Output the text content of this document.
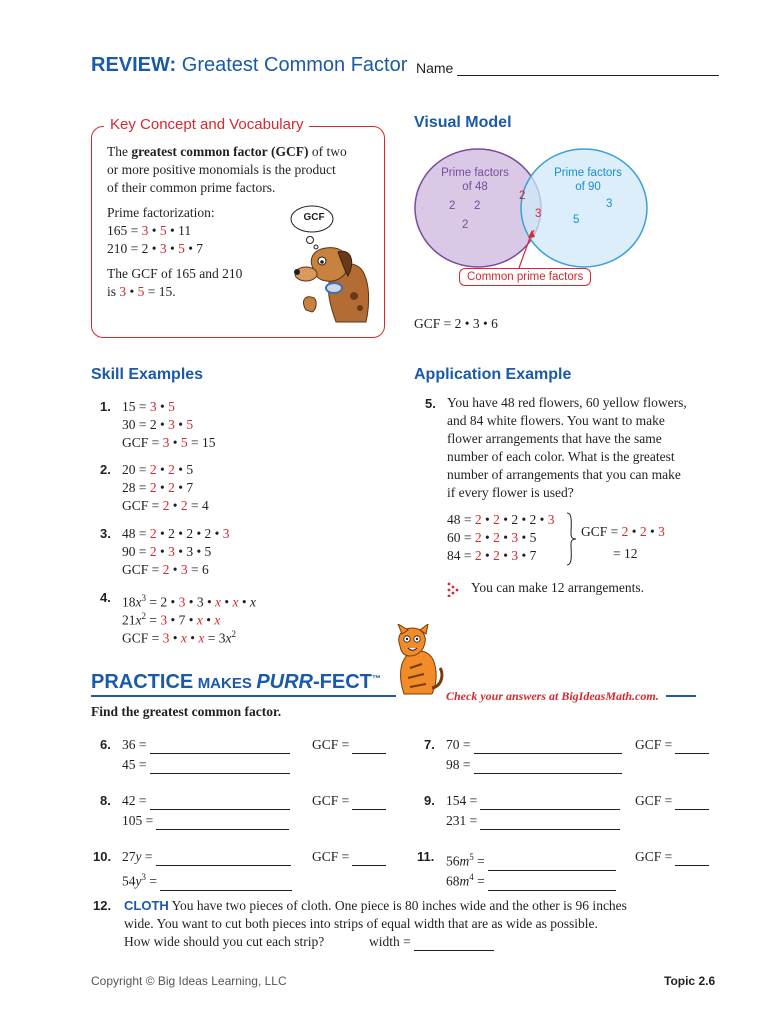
REVIEW: Greatest Common Factor Name
Key Concept and Vocabulary
The greatest common factor (GCF) of two
or more positive monomials is the product
of their common prime factors.
Prime factorization:
165 = 3 • 5 • 11
210 = 2 • 3 • 5 • 7
The GCF of 165 and 210
is 3 • 5 = 15.
GCF
Visual Model
Prime factors
of 48
Prime factors
of 90
2 2
2
2
3
3
5
Common prime factors
GCF = 2 • 3 • 6
Skill Examples
1. 15 = 3 • 5
30 = 2 • 3 • 5
GCF = 3 • 5 = 15
2. 20 = 2 • 2 • 5
28 = 2 • 2 • 7
GCF = 2 • 2 = 4
3. 48 = 2 • 2 • 2 • 2 • 3
90 = 2 • 3 • 3 • 5
GCF = 2 • 3 = 6
4. $18x^3 = 2$ • 3 • 3 • x • x • x
$21x^2 = 3$ • 7 • x • x
GCF = 3 • x • $x = 3x^2$
Application Example
5. You have 48 red flowers, 60 yellow flowers,
and 84 white flowers. You want to make
flower arrangements that have the same
number of each color. What is the greatest
number of arrangements that you can make
if every flower is used?
48 = 2 • 2 • 2 • 2 • 3
60 = 2 • 2 • 3 • 5
84 = 2 • 2 • 3 • 7
GCF = 2 • 2 • 3
= 12
You can make 12 arrangements.
PRACTICE MAKES PURR-FECT™
Check your answers at BigIdeasMath.com.
Find the greatest common factor.
6. 36 =
45 =
GCF =	7. 70 =
98 =
GCF =
8. 42 =
105 =
GCF =	9. 154 =
231 =
GCF =
10. 27y =
$54y^3$ =
GCF =	11. $56m^5$ =
$68m^4$ =
GCF =
12. CLOTH You have two pieces of cloth. One piece is 80 inches wide and the other is 96 inches
wide. You want to cut both pieces into strips of equal width that are as wide as possible.
How wide should you cut each strip?	width =
Copyright © Big Ideas Learning, LLC	Topic 2.6
